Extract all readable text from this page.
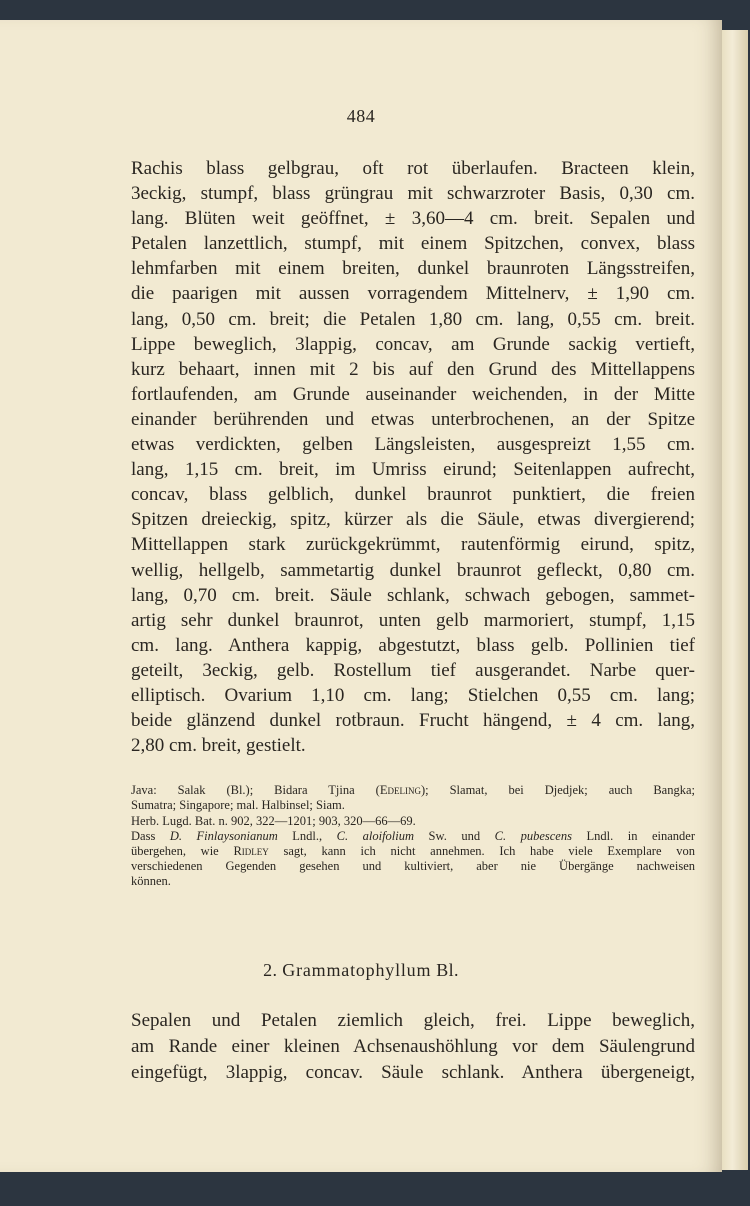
484
Rachis blass gelbgrau, oft rot überlaufen. Bracteen klein,
3eckig, stumpf, blass grüngrau mit schwarzroter Basis, 0,30 cm.
lang. Blüten weit geöffnet, ± 3,60—4 cm. breit. Sepalen und
Petalen lanzettlich, stumpf, mit einem Spitzchen, convex, blass
lehmfarben mit einem breiten, dunkel braunroten Längsstreifen,
die paarigen mit aussen vorragendem Mittelnerv, ± 1,90 cm.
lang, 0,50 cm. breit; die Petalen 1,80 cm. lang, 0,55 cm. breit.
Lippe beweglich, 3lappig, concav, am Grunde sackig vertieft,
kurz behaart, innen mit 2 bis auf den Grund des Mittellappens
fortlaufenden, am Grunde auseinander weichenden, in der Mitte
einander berührenden und etwas unterbrochenen, an der Spitze
etwas verdickten, gelben Längsleisten, ausgespreizt 1,55 cm.
lang, 1,15 cm. breit, im Umriss eirund; Seitenlappen aufrecht,
concav, blass gelblich, dunkel braunrot punktiert, die freien
Spitzen dreieckig, spitz, kürzer als die Säule, etwas divergierend;
Mittellappen stark zurückgekrümmt, rautenförmig eirund, spitz,
wellig, hellgelb, sammetartig dunkel braunrot gefleckt, 0,80 cm.
lang, 0,70 cm. breit. Säule schlank, schwach gebogen, sammet-
artig sehr dunkel braunrot, unten gelb marmoriert, stumpf, 1,15
cm. lang. Anthera kappig, abgestutzt, blass gelb. Pollinien tief
geteilt, 3eckig, gelb. Rostellum tief ausgerandet. Narbe quer-
elliptisch. Ovarium 1,10 cm. lang; Stielchen 0,55 cm. lang;
beide glänzend dunkel rotbraun. Frucht hängend, ± 4 cm. lang,
2,80 cm. breit, gestielt.
Java: Salak (Bl.); Bidara Tjina (Edeling); Slamat, bei Djedjek; auch Bangka;
Sumatra; Singapore; mal. Halbinsel; Siam.
Herb. Lugd. Bat. n. 902, 322—1201; 903, 320—66—69.
Dass D. Finlaysonianum Lndl., C. aloifolium Sw. und C. pubescens Lndl. in einander
übergehen, wie Ridley sagt, kann ich nicht annehmen. Ich habe viele Exemplare von
verschiedenen Gegenden gesehen und kultiviert, aber nie Übergänge nachweisen
können.
2. Grammatophyllum Bl.
Sepalen und Petalen ziemlich gleich, frei. Lippe beweglich,
am Rande einer kleinen Achsenaushöhlung vor dem Säulengrund
eingefügt, 3lappig, concav. Säule schlank. Anthera übergeneigt,
